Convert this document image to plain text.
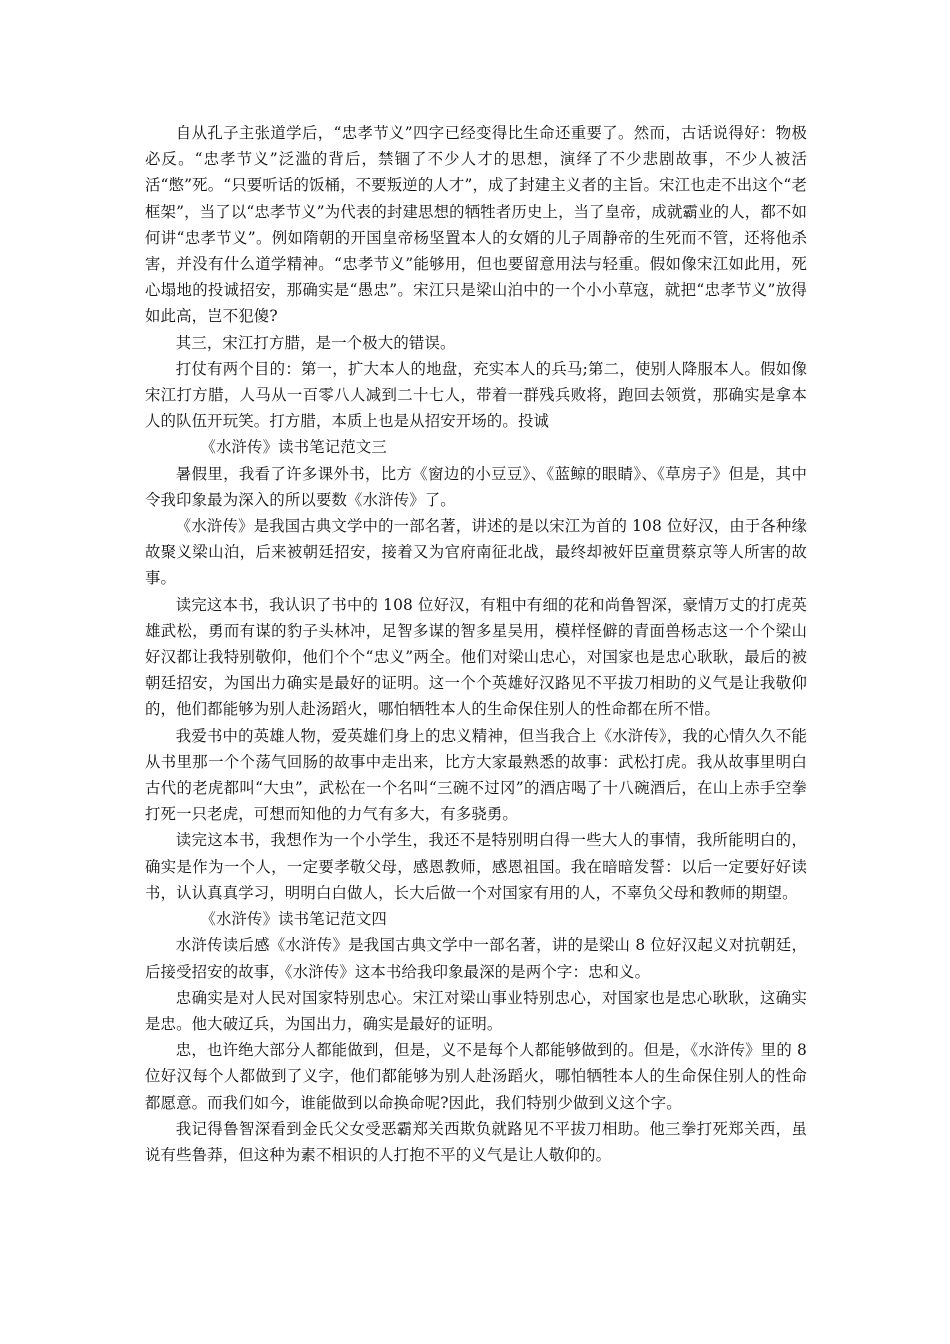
自从孔子主张道学后，“忠孝节义”四字已经变得比生命还重要了。然而，古话说得好：物极必反。“忠孝节义”泛滥的背后，禁锢了不少人才的思想，演绎了不少悲剧故事，不少人被活活“憋”死。“只要听话的饭桶，不要叛逆的人才”，成了封建主义者的主旨。宋江也走不出这个“老框架”，当了以“忠孝节义”为代表的封建思想的牺牲者历史上，当了皇帝，成就霸业的人，都不如何讲“忠孝节义”。例如隋朝的开国皇帝杨坚置本人的女婿的儿子周静帝的生死而不管，还将他杀害，并没有什么道学精神。“忠孝节义”能够用，但也要留意用法与轻重。假如像宋江如此用，死心塌地的投诚招安，那确实是“愚忠”。宋江只是梁山泊中的一个小小草寇，就把“忠孝节义”放得如此高，岂不犯傻?

其三，宋江打方腊，是一个极大的错误。

打仗有两个目的：第一，扩大本人的地盘，充实本人的兵马;第二，使别人降服本人。假如像宋江打方腊，人马从一百零八人减到二十七人，带着一群残兵败将，跑回去领赏，那确实是拿本人的队伍开玩笑。打方腊，本质上也是从招安开场的。投诚

《水浒传》读书笔记范文三

暑假里，我看了许多课外书，比方《窗边的小豆豆》、《蓝鲸的眼睛》、《草房子》但是，其中令我印象最为深入的所以要数《水浒传》了。

《水浒传》是我国古典文学中的一部名著，讲述的是以宋江为首的 108 位好汉，由于各种缘故聚义梁山泊，后来被朝廷招安，接着又为官府南征北战，最终却被奸臣童贯蔡京等人所害的故事。

读完这本书，我认识了书中的 108 位好汉，有粗中有细的花和尚鲁智深，豪情万丈的打虎英雄武松，勇而有谋的豹子头林冲，足智多谋的智多星吴用，模样怪僻的青面兽杨志这一个个梁山好汉都让我特别敬仰，他们个个“忠义”两全。他们对梁山忠心，对国家也是忠心耿耿，最后的被朝廷招安，为国出力确实是最好的证明。这一个个英雄好汉路见不平拔刀相助的义气是让我敬仰的，他们都能够为别人赴汤蹈火，哪怕牺牲本人的生命保住别人的性命都在所不惜。

我爱书中的英雄人物，爱英雄们身上的忠义精神，但当我合上《水浒传》，我的心情久久不能从书里那一个个荡气回肠的故事中走出来，比方大家最熟悉的故事：武松打虎。我从故事里明白古代的老虎都叫“大虫”，武松在一个名叫“三碗不过冈”的酒店喝了十八碗酒后，在山上赤手空拳打死一只老虎，可想而知他的力气有多大，有多骁勇。

读完这本书，我想作为一个小学生，我还不是特别明白得一些大人的事情，我所能明白的，确实是作为一个人，一定要孝敬父母，感恩教师，感恩祖国。我在暗暗发誓：以后一定要好好读书，认认真真学习，明明白白做人，长大后做一个对国家有用的人，不辜负父母和教师的期望。

《水浒传》读书笔记范文四

水浒传读后感《水浒传》是我国古典文学中一部名著，讲的是梁山 8 位好汉起义对抗朝廷，后接受招安的故事，《水浒传》这本书给我印象最深的是两个字：忠和义。

忠确实是对人民对国家特别忠心。宋江对梁山事业特别忠心，对国家也是忠心耿耿，这确实是忠。他大破辽兵，为国出力，确实是最好的证明。

忠，也许绝大部分人都能做到，但是，义不是每个人都能够做到的。但是，《水浒传》里的 8 位好汉每个人都做到了义字，他们都能够为别人赴汤蹈火，哪怕牺牲本人的生命保住别人的性命都愿意。而我们如今，谁能做到以命换命呢?因此，我们特别少做到义这个字。

我记得鲁智深看到金氏父女受恶霸郑关西欺负就路见不平拔刀相助。他三拳打死郑关西，虽说有些鲁莽，但这种为素不相识的人打抱不平的义气是让人敬仰的。
